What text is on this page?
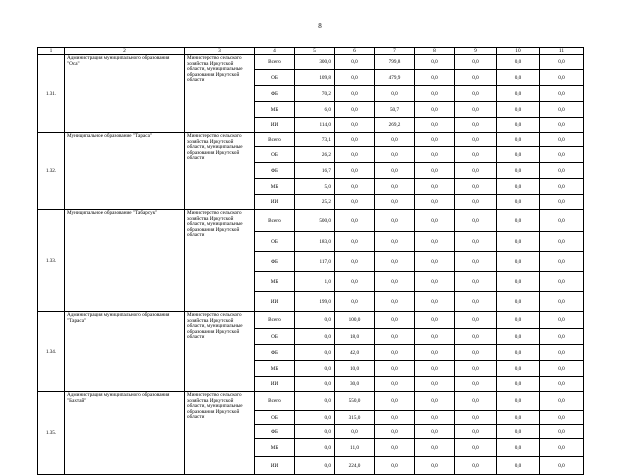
8
1	2	3	4	5	6	7	8	9	10	11
1.31.	Администрация муниципального образования "Оса"	Министерство сельского хозяйства Иркутской области, муниципальные образования Иркутской области	Всего	300,0	0,0	799,8	0,0	0,0	0,0	0,0
			ОБ	109,8	0,0	479,9	0,0	0,0	0,0	0,0
			ФБ	70,2	0,0	0,0	0,0	0,0	0,0	0,0
			МБ	6,0	0,0	50,7	0,0	0,0	0,0	0,0
			ИИ	114,0	0,0	269,2	0,0	0,0	0,0	0,0
1.32.	Муниципальное образование "Тараса"	Министерство сельского хозяйства Иркутской области, муниципальные образования Иркутской области	Всего	73,1	0,0	0,0	0,0	0,0	0,0	0,0
			ОБ	26,2	0,0	0,0	0,0	0,0	0,0	0,0
			ФБ	16,7	0,0	0,0	0,0	0,0	0,0	0,0
			МБ	5,0	0,0	0,0	0,0	0,0	0,0	0,0
			ИИ	25,2	0,0	0,0	0,0	0,0	0,0	0,0
1.33.	Муниципальное образование "Табарсук"	Министерство сельского хозяйства Иркутской области, муниципальные образования Иркутской области	Всего	500,0	0,0	0,0	0,0	0,0	0,0	0,0
			ОБ	183,0	0,0	0,0	0,0	0,0	0,0	0,0
			ФБ	117,0	0,0	0,0	0,0	0,0	0,0	0,0
			МБ	1,0	0,0	0,0	0,0	0,0	0,0	0,0
			ИИ	199,0	0,0	0,0	0,0	0,0	0,0	0,0
1.34.	Администрация муниципального образования "Тараса"	Министерство сельского хозяйства Иркутской области, муниципальные образования Иркутской области	Всего	0,0	100,0	0,0	0,0	0,0	0,0	0,0
			ОБ	0,0	18,0	0,0	0,0	0,0	0,0	0,0
			ФБ	0,0	42,0	0,0	0,0	0,0	0,0	0,0
			МБ	0,0	10,0	0,0	0,0	0,0	0,0	0,0
			ИИ	0,0	30,0	0,0	0,0	0,0	0,0	0,0
1.35.	Администрация муниципального образования "Бахтай"	Министерство сельского хозяйства Иркутской области, муниципальные образования Иркутской области	Всего	0,0	550,0	0,0	0,0	0,0	0,0	0,0
			ОБ	0,0	315,0	0,0	0,0	0,0	0,0	0,0
			ФБ	0,0	0,0	0,0	0,0	0,0	0,0	0,0
			МБ	0,0	11,0	0,0	0,0	0,0	0,0	0,0
			ИИ	0,0	224,0	0,0	0,0	0,0	0,0	0,0
